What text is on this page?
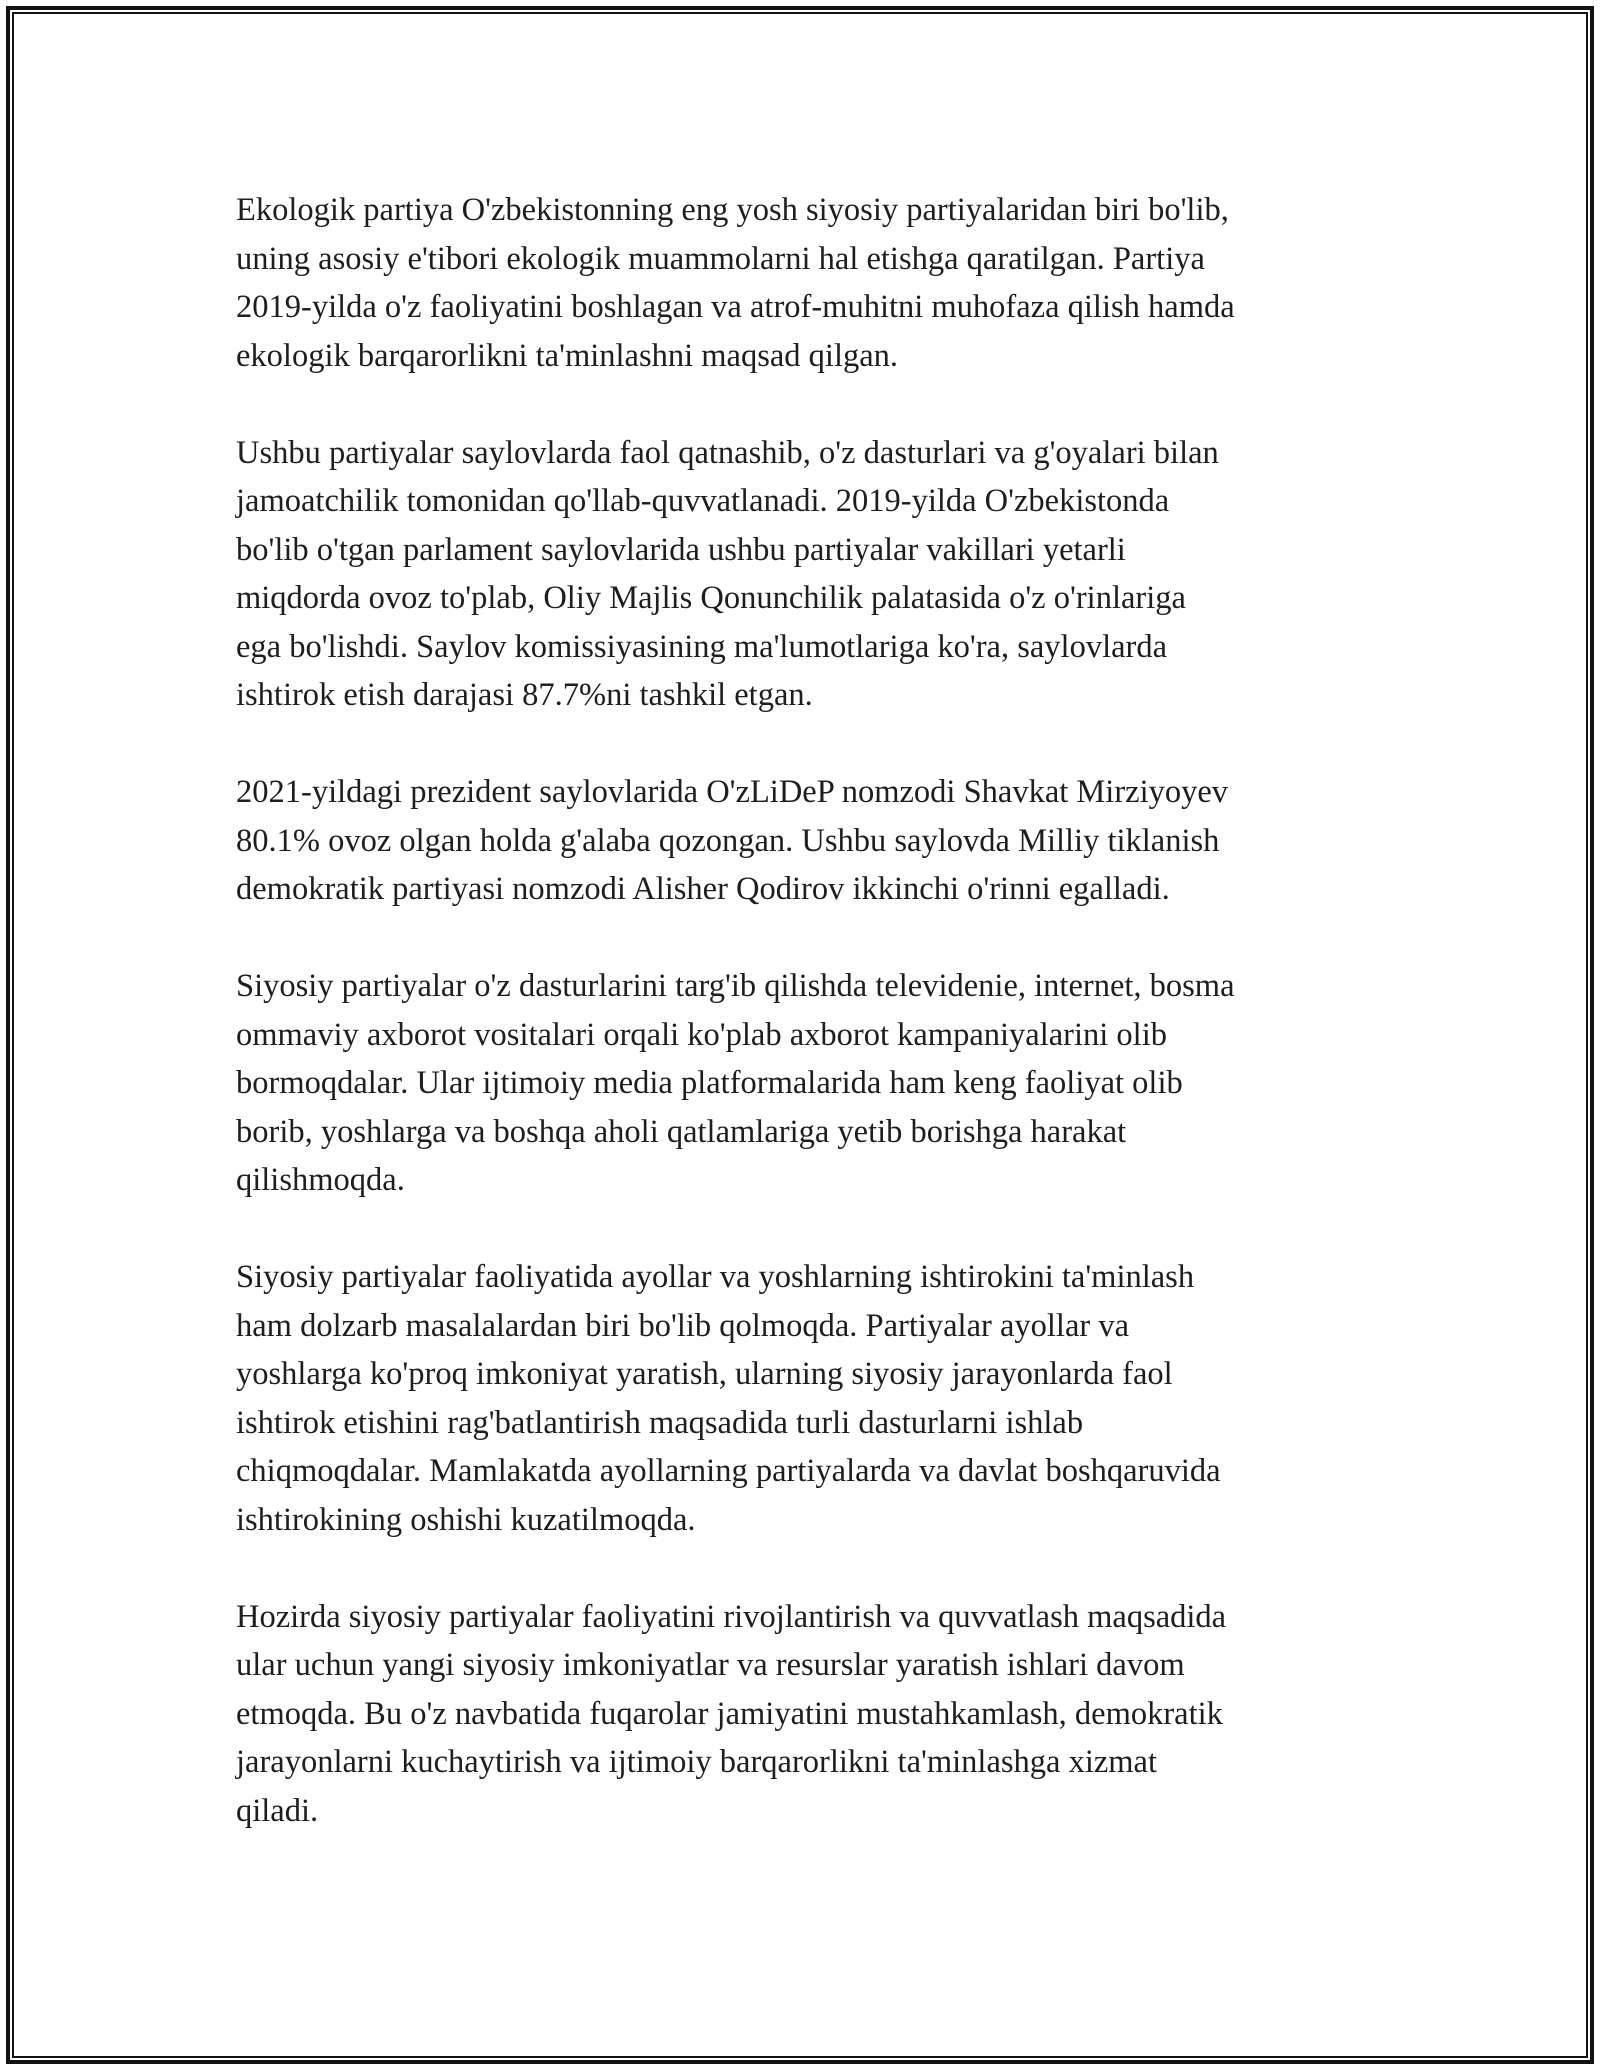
Ekologik partiya O'zbekistonning eng yosh siyosiy partiyalaridan biri bo'lib,
uning asosiy e'tibori ekologik muammolarni hal etishga qaratilgan. Partiya
2019-yilda o'z faoliyatini boshlagan va atrof-muhitni muhofaza qilish hamda
ekologik barqarorlikni ta'minlashni maqsad qilgan.

Ushbu partiyalar saylovlarda faol qatnashib, o'z dasturlari va g'oyalari bilan
jamoatchilik tomonidan qo'llab-quvvatlanadi. 2019-yilda O'zbekistonda
bo'lib o'tgan parlament saylovlarida ushbu partiyalar vakillari yetarli
miqdorda ovoz to'plab, Oliy Majlis Qonunchilik palatasida o'z o'rinlariga
ega bo'lishdi. Saylov komissiyasining ma'lumotlariga ko'ra, saylovlarda
ishtirok etish darajasi 87.7%ni tashkil etgan.

2021-yildagi prezident saylovlarida O'zLiDeP nomzodi Shavkat Mirziyoyev
80.1% ovoz olgan holda g'alaba qozongan. Ushbu saylovda Milliy tiklanish
demokratik partiyasi nomzodi Alisher Qodirov ikkinchi o'rinni egalladi.

Siyosiy partiyalar o'z dasturlarini targ'ib qilishda televidenie, internet, bosma
ommaviy axborot vositalari orqali ko'plab axborot kampaniyalarini olib
bormoqdalar. Ular ijtimoiy media platformalarida ham keng faoliyat olib
borib, yoshlarga va boshqa aholi qatlamlariga yetib borishga harakat
qilishmoqda.

Siyosiy partiyalar faoliyatida ayollar va yoshlarning ishtirokini ta'minlash
ham dolzarb masalalardan biri bo'lib qolmoqda. Partiyalar ayollar va
yoshlarga ko'proq imkoniyat yaratish, ularning siyosiy jarayonlarda faol
ishtirok etishini rag'batlantirish maqsadida turli dasturlarni ishlab
chiqmoqdalar. Mamlakatda ayollarning partiyalarda va davlat boshqaruvida
ishtirokining oshishi kuzatilmoqda.

Hozirda siyosiy partiyalar faoliyatini rivojlantirish va quvvatlash maqsadida
ular uchun yangi siyosiy imkoniyatlar va resurslar yaratish ishlari davom
etmoqda. Bu o'z navbatida fuqarolar jamiyatini mustahkamlash, demokratik
jarayonlarni kuchaytirish va ijtimoiy barqarorlikni ta'minlashga xizmat
qiladi.
